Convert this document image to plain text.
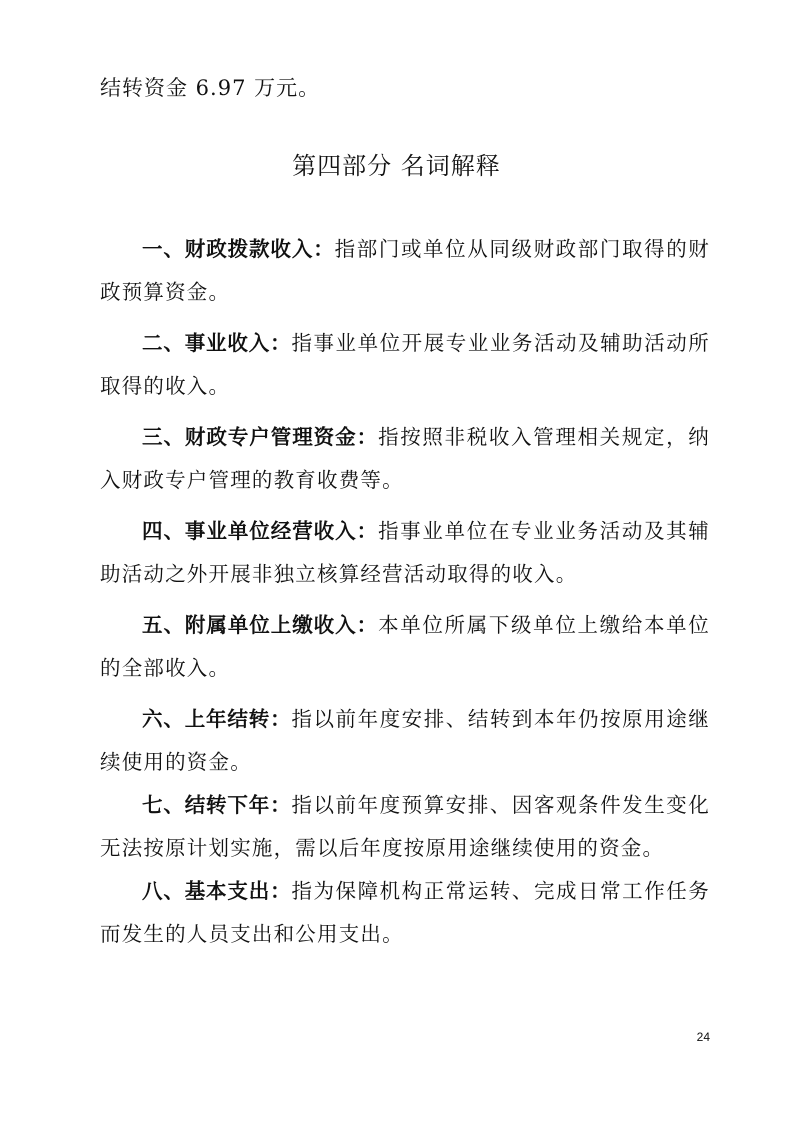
结转资金 6.97 万元。
第四部分 名词解释

一、财政拨款收入：指部门或单位从同级财政部门取得的财政预算资金。

二、事业收入：指事业单位开展专业业务活动及辅助活动所取得的收入。

三、财政专户管理资金：指按照非税收入管理相关规定，纳入财政专户管理的教育收费等。

四、事业单位经营收入：指事业单位在专业业务活动及其辅助活动之外开展非独立核算经营活动取得的收入。

五、附属单位上缴收入：本单位所属下级单位上缴给本单位的全部收入。

六、上年结转：指以前年度安排、结转到本年仍按原用途继续使用的资金。

七、结转下年：指以前年度预算安排、因客观条件发生变化无法按原计划实施，需以后年度按原用途继续使用的资金。

八、基本支出：指为保障机构正常运转、完成日常工作任务而发生的人员支出和公用支出。

24
